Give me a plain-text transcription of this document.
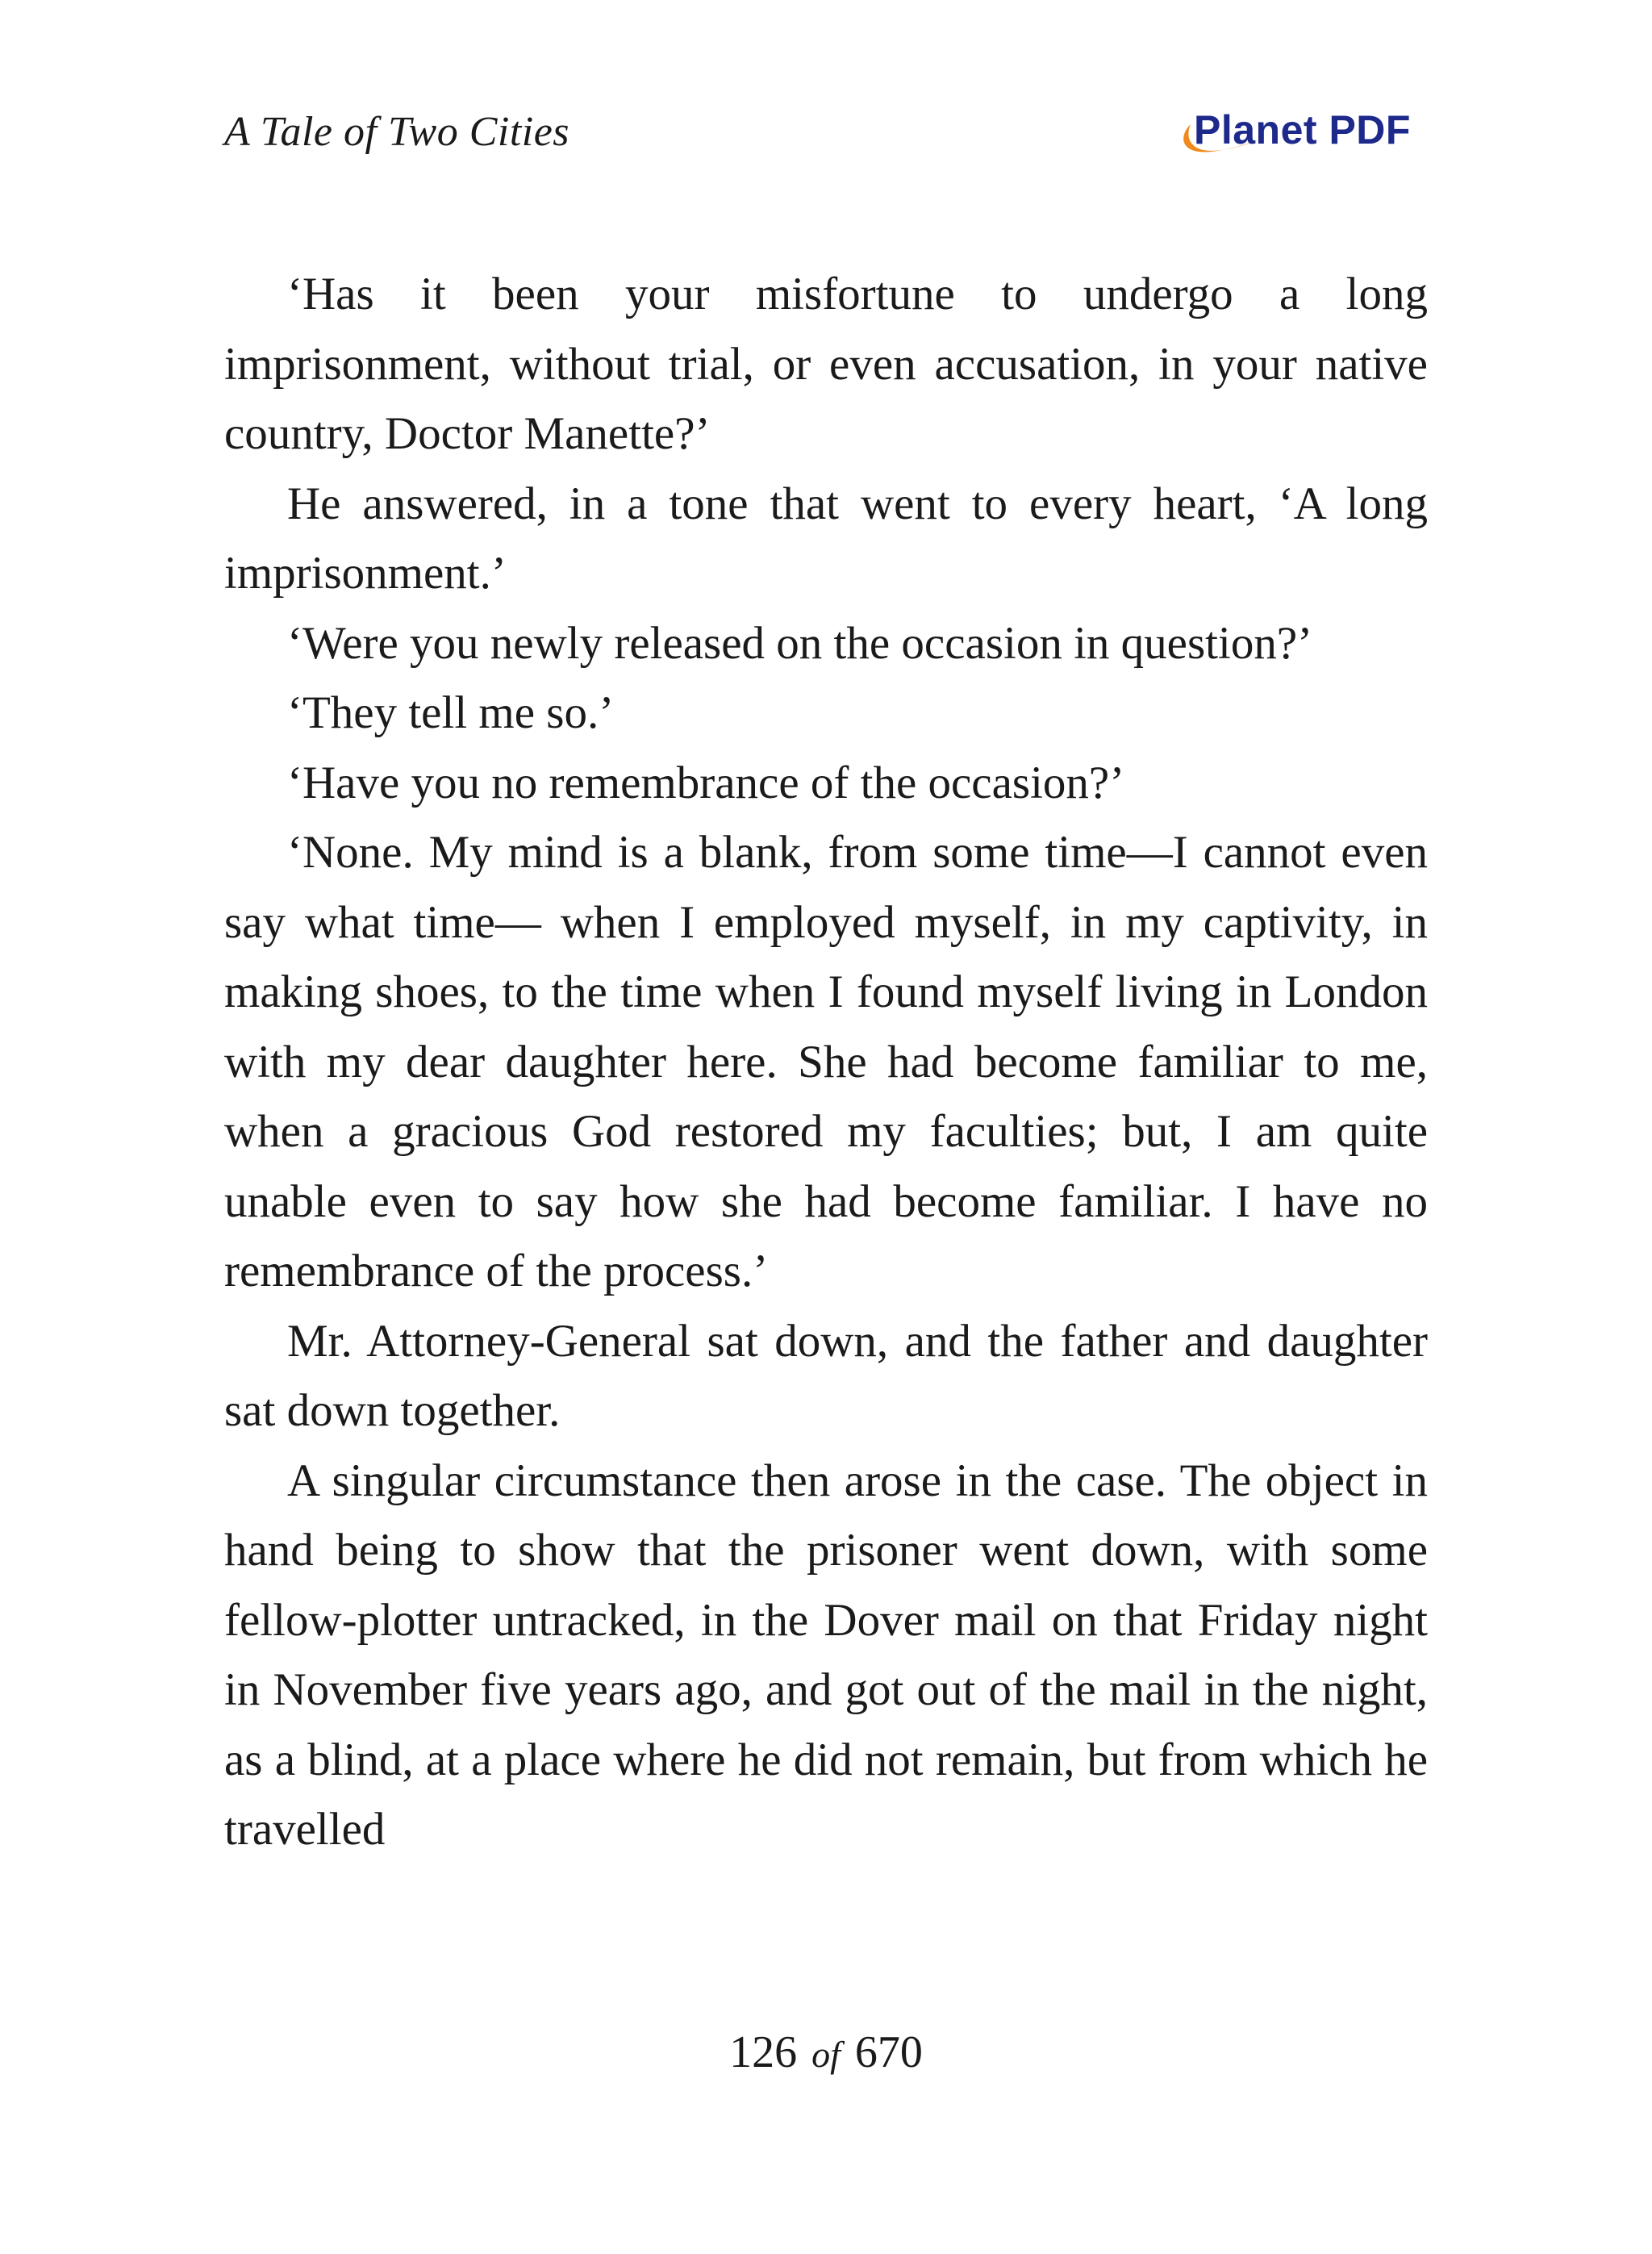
A Tale of Two Cities	Planet PDF

‘Has it been your misfortune to undergo a long imprisonment, without trial, or even accusation, in your native country, Doctor Manette?’

He answered, in a tone that went to every heart, ‘A long imprisonment.’

‘Were you newly released on the occasion in question?’

‘They tell me so.’

‘Have you no remembrance of the occasion?’

‘None. My mind is a blank, from some time—I cannot even say what time— when I employed myself, in my captivity, in making shoes, to the time when I found myself living in London with my dear daughter here. She had become familiar to me, when a gracious God restored my faculties; but, I am quite unable even to say how she had become familiar. I have no remembrance of the process.’

Mr. Attorney-General sat down, and the father and daughter sat down together.

A singular circumstance then arose in the case. The object in hand being to show that the prisoner went down, with some fellow-plotter untracked, in the Dover mail on that Friday night in November five years ago, and got out of the mail in the night, as a blind, at a place where he did not remain, but from which he travelled

126 of 670
